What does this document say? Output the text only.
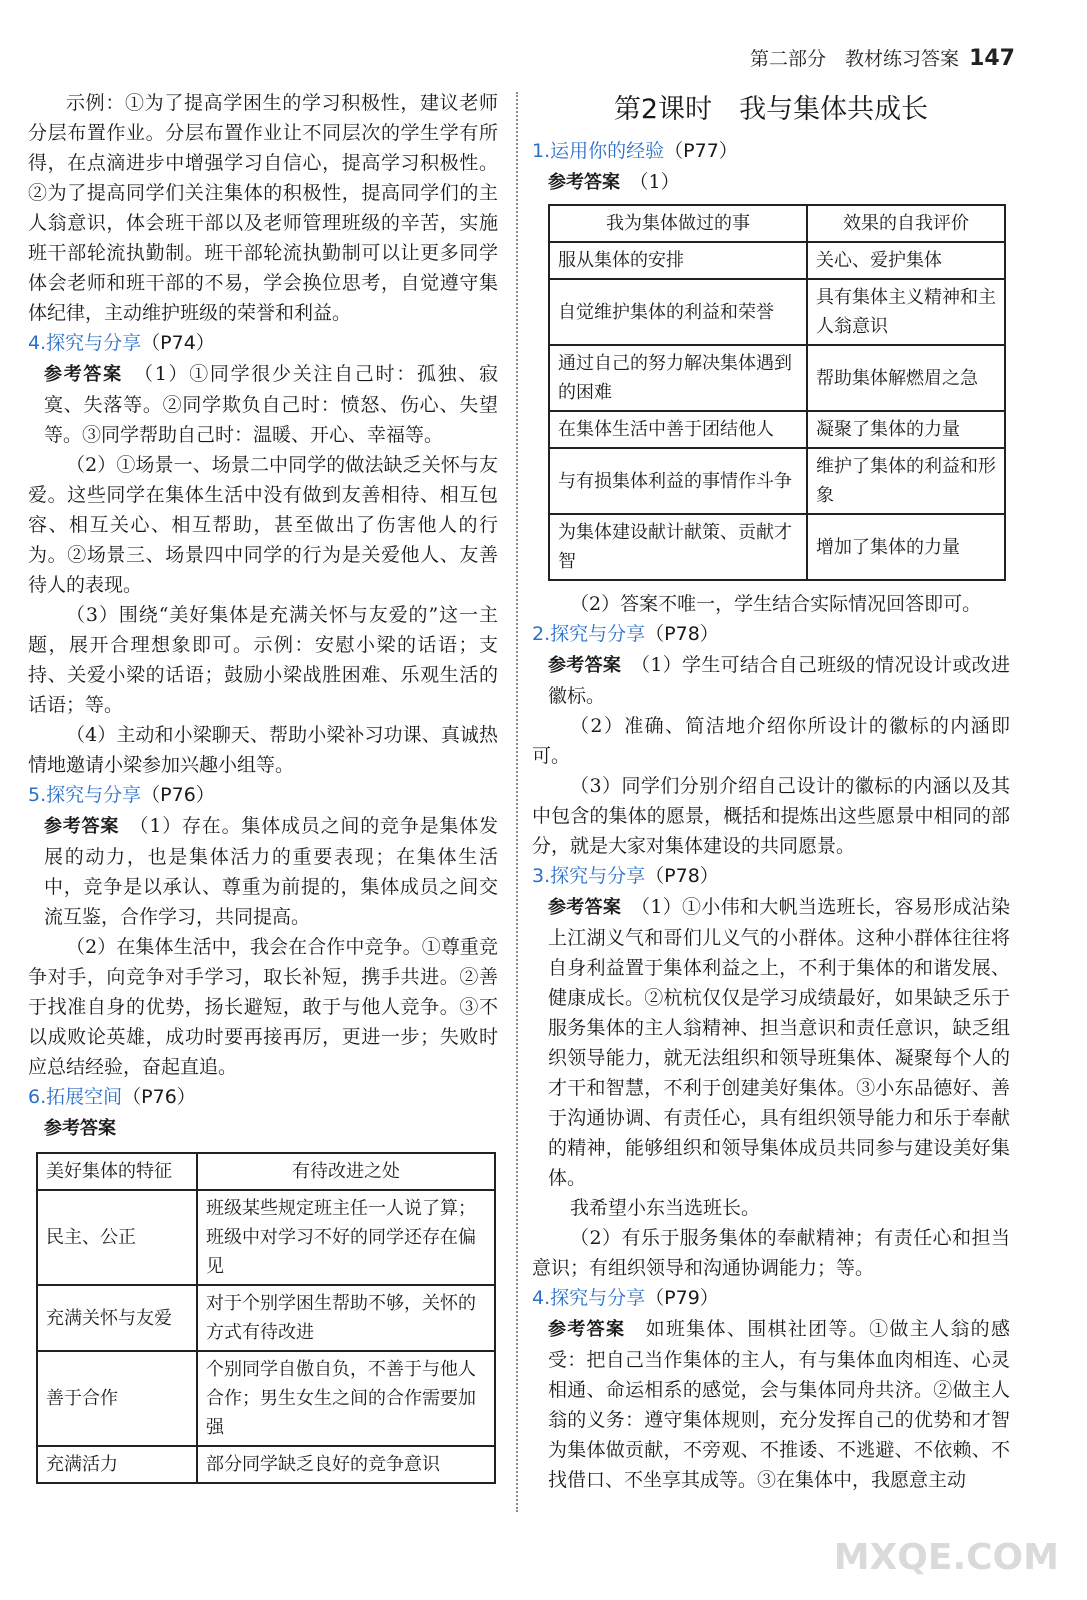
第二部分　教材练习答案 147

示例：①为了提高学困生的学习积极性，建议老师分层布置作业。分层布置作业让不同层次的学生学有所得，在点滴进步中增强学习自信心，提高学习积极性。②为了提高同学们关注集体的积极性，提高同学们的主人翁意识，体会班干部以及老师管理班级的辛苦，实施班干部轮流执勤制。班干部轮流执勤制可以让更多同学体会老师和班干部的不易，学会换位思考，自觉遵守集体纪律，主动维护班级的荣誉和利益。

4.探究与分享（P74）

参考答案　 （1）①同学很少关注自己时：孤独、寂寞、失落等。②同学欺负自己时：愤怒、伤心、失望等。③同学帮助自己时：温暖、开心、幸福等。

（2）①场景一、场景二中同学的做法缺乏关怀与友爱。这些同学在集体生活中没有做到友善相待、相互包容、相互关心、相互帮助，甚至做出了伤害他人的行为。②场景三、场景四中同学的行为是关爱他人、友善待人的表现。

（3）围绕“美好集体是充满关怀与友爱的”这一主题，展开合理想象即可。示例：安慰小梁的话语；支持、关爱小梁的话语；鼓励小梁战胜困难、乐观生活的话语；等。

（4）主动和小梁聊天、帮助小梁补习功课、真诚热情地邀请小梁参加兴趣小组等。

5.探究与分享（P76）

参考答案　 （1）存在。集体成员之间的竞争是集体发展的动力，也是集体活力的重要表现；在集体生活中，竞争是以承认、尊重为前提的，集体成员之间交流互鉴，合作学习，共同提高。

（2）在集体生活中，我会在合作中竞争。①尊重竞争对手，向竞争对手学习，取长补短，携手共进。②善于找准自身的优势，扬长避短，敢于与他人竞争。③不以成败论英雄，成功时要再接再厉，更进一步；失败时应总结经验，奋起直追。

6.拓展空间（P76）

参考答案

美好集体的特征	有待改进之处
民主、公正	班级某些规定班主任一人说了算；班级中对学习不好的同学还存在偏见
充满关怀与友爱	对于个别学困生帮助不够，关怀的方式有待改进
善于合作	个别同学自傲自负，不善于与他人合作；男生女生之间的合作需要加强
充满活力	部分同学缺乏良好的竞争意识
第2课时　我与集体共成长
1.运用你的经验（P77）

参考答案　 （1）

我为集体做过的事	效果的自我评价
服从集体的安排	关心、爱护集体
自觉维护集体的利益和荣誉	具有集体主义精神和主人翁意识
通过自己的努力解决集体遇到的困难	帮助集体解燃眉之急
在集体生活中善于团结他人	凝聚了集体的力量
与有损集体利益的事情作斗争	维护了集体的利益和形象
为集体建设献计献策、贡献才智	增加了集体的力量

（2）答案不唯一，学生结合实际情况回答即可。

2.探究与分享（P78）

参考答案　 （1）学生可结合自己班级的情况设计或改进徽标。

（2）准确、简洁地介绍你所设计的徽标的内涵即可。

（3）同学们分别介绍自己设计的徽标的内涵以及其中包含的集体的愿景，概括和提炼出这些愿景中相同的部分，就是大家对集体建设的共同愿景。

3.探究与分享（P78）

参考答案　 （1）①小伟和大帆当选班长，容易形成沾染上江湖义气和哥们儿义气的小群体。这种小群体往往将自身利益置于集体利益之上，不利于集体的和谐发展、健康成长。②杭杭仅仅是学习成绩最好，如果缺乏乐于服务集体的主人翁精神、担当意识和责任意识，缺乏组织领导能力，就无法组织和领导班集体、凝聚每个人的才干和智慧，不利于创建美好集体。③小东品德好、善于沟通协调、有责任心，具有组织领导能力和乐于奉献的精神，能够组织和领导集体成员共同参与建设美好集体。

我希望小东当选班长。

（2）有乐于服务集体的奉献精神；有责任心和担当意识；有组织领导和沟通协调能力；等。

4.探究与分享（P79）

参考答案　 如班集体、围棋社团等。①做主人翁的感受：把自己当作集体的主人，有与集体血肉相连、心灵相通、命运相系的感觉，会与集体同舟共济。②做主人翁的义务：遵守集体规则，充分发挥自己的优势和才智为集体做贡献，不旁观、不推诿、不逃避、不依赖、不找借口、不坐享其成等。③在集体中，我愿意主动

MXQE.COM
